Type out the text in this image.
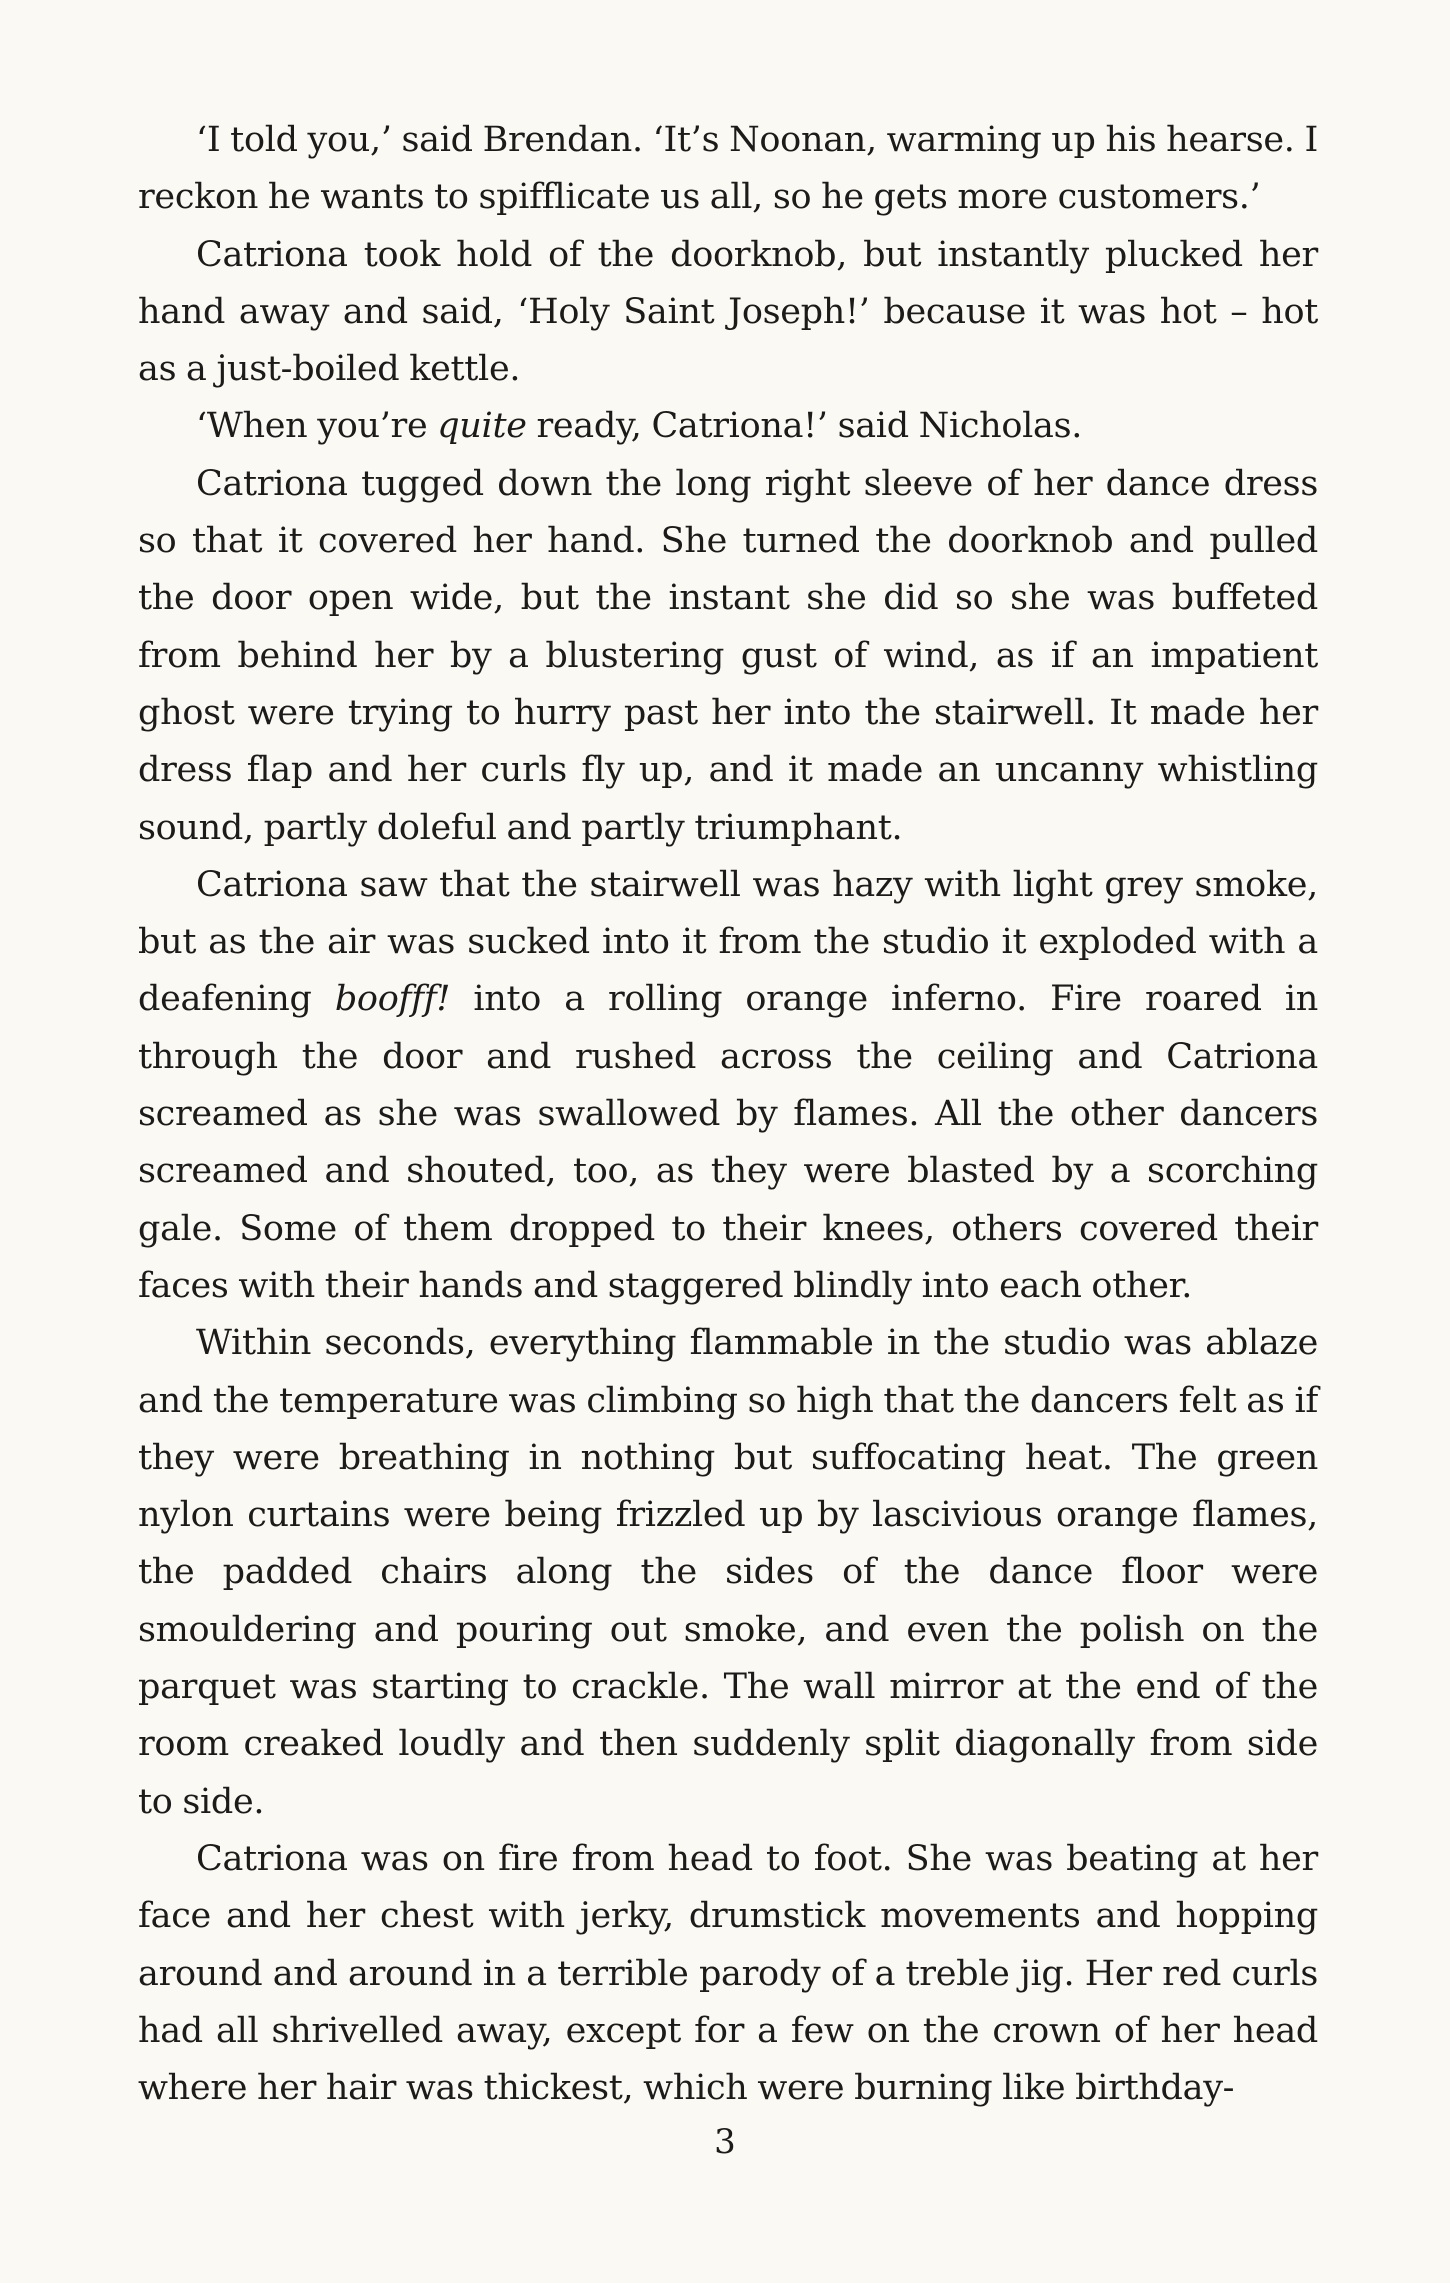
‘I told you,’ said Brendan. ‘It’s Noonan, warming up his hearse. I reckon he wants to spifflicate us all, so he gets more customers.’

Catriona took hold of the doorknob, but instantly plucked her hand away and said, ‘Holy Saint Joseph!’ because it was hot – hot as a just-boiled kettle.

‘When you’re quite ready, Catriona!’ said Nicholas.

Catriona tugged down the long right sleeve of her dance dress so that it covered her hand. She turned the doorknob and pulled the door open wide, but the instant she did so she was buffeted from behind her by a blustering gust of wind, as if an impatient ghost were trying to hurry past her into the stairwell. It made her dress flap and her curls fly up, and it made an uncanny whistling sound, partly doleful and partly triumphant.

Catriona saw that the stairwell was hazy with light grey smoke, but as the air was sucked into it from the studio it exploded with a deafening boofff! into a rolling orange inferno. Fire roared in through the door and rushed across the ceiling and Catriona screamed as she was swallowed by flames. All the other dancers screamed and shouted, too, as they were blasted by a scorching gale. Some of them dropped to their knees, others covered their faces with their hands and staggered blindly into each other.

Within seconds, everything flammable in the studio was ablaze and the temperature was climbing so high that the dancers felt as if they were breathing in nothing but suffocating heat. The green nylon curtains were being frizzled up by lascivious orange flames, the padded chairs along the sides of the dance floor were smouldering and pouring out smoke, and even the polish on the parquet was starting to crackle. The wall mirror at the end of the room creaked loudly and then suddenly split diagonally from side to side.

Catriona was on fire from head to foot. She was beating at her face and her chest with jerky, drumstick movements and hopping around and around in a terrible parody of a treble jig. Her red curls had all shrivelled away, except for a few on the crown of her head where her hair was thickest, which were burning like birthday-

3
